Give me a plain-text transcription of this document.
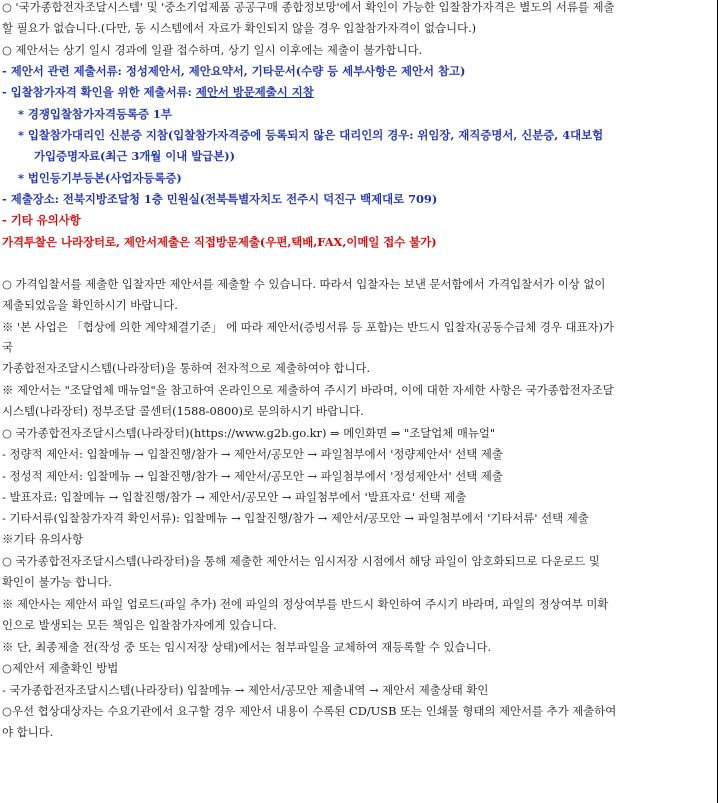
○ '국가종합전자조달시스템' 및 '중소기업제품 공공구매 종합정보망'에서 확인이 가능한 입찰참가자격은 별도의 서류를 제출
할 필요가 없습니다.(다만, 동 시스템에서 자료가 확인되지 않을 경우 입찰참가자격이 없습니다.)
○ 제안서는 상기 일시 경과에 일괄 접수하며, 상기 일시 이후에는 제출이 불가합니다.
- 제안서 관련 제출서류: 정성제안서, 제안요약서, 기타문서(수량 등 세부사항은 제안서 참고)
- 입찰참가자격 확인을 위한 제출서류: 제안서 방문제출시 지참
* 경쟁입찰참가자격등록증 1부
* 입찰참가대리인 신분증 지참(입찰참가자격증에 등록되지 않은 대리인의 경우: 위임장, 재직증명서, 신분증, 4대보험
가입증명자료(최근 3개월 이내 발급본))
* 법인등기부등본(사업자등록증)
- 제출장소: 전북지방조달청 1층 민원실(전북특별자치도 전주시 덕진구 백제대로 709)
- 기타 유의사항
가격투찰은 나라장터로, 제안서제출은 직접방문제출(우편,택배,FAX,이메일 접수 불가)
○ 가격입찰서를 제출한 입찰자만 제안서를 제출할 수 있습니다. 따라서 입찰자는 보낸 문서함에서 가격입찰서가 이상 없이
제출되었음을 확인하시기 바랍니다.
※ '본 사업은 「협상에 의한 계약체결기준」 에 따라 제안서(증빙서류 등 포함)는 반드시 입찰자(공동수급체 경우 대표자)가
국
가종합전자조달시스템(나라장터)을 통하여 전자적으로 제출하여야 합니다.
※ 제안서는 "조달업체 매뉴얼"을 참고하여 온라인으로 제출하여 주시기 바라며, 이에 대한 자세한 사항은 국가종합전자조달
시스템(나라장터) 정부조달 콜센터(1588-0800)로 문의하시기 바랍니다.
○ 국가종합전자조달시스템(나라장터)(https://www.g2b.go.kr) ⇒ 메인화면 ⇒ "조달업체 매뉴얼"
- 정량적 제안서: 입찰메뉴 → 입찰진행/참가 → 제안서/공모안 → 파일첨부에서 '정량제안서' 선택 제출
- 정성적 제안서: 입찰메뉴 → 입찰진행/참가 → 제안서/공모안 → 파일첨부에서 '정성제안서' 선택 제출
- 발표자료: 입찰메뉴 → 입찰진행/참가 → 제안서/공모안 → 파일첨부에서 '발표자료' 선택 제출
- 기타서류(입찰참가자격 확인서류): 입찰메뉴 → 입찰진행/참가 → 제안서/공모안 → 파일첨부에서 '기타서류' 선택 제출
※기타 유의사항
○ 국가종합전자조달시스템(나라장터)을 통해 제출한 제안서는 임시저장 시점에서 해당 파일이 암호화되므로 다운로드 및
확인이 불가능 합니다.
※ 제안사는 제안서 파일 업로드(파일 추가) 전에 파일의 정상여부를 반드시 확인하여 주시기 바라며, 파일의 정상여부 미확
인으로 발생되는 모든 책임은 입찰참가자에게 있습니다.
※ 단, 최종제출 전(작성 중 또는 임시저장 상태)에서는 첨부파일을 교체하여 재등록할 수 있습니다.
○제안서 제출확인 방법
- 국가종합전자조달시스템(나라장터) 입찰메뉴 → 제안서/공모안 제출내역 → 제안서 제출상태 확인
○우선 협상대상자는 수요기관에서 요구할 경우 제안서 내용이 수록된 CD/USB 또는 인쇄물 형태의 제안서를 추가 제출하여
야 합니다.
